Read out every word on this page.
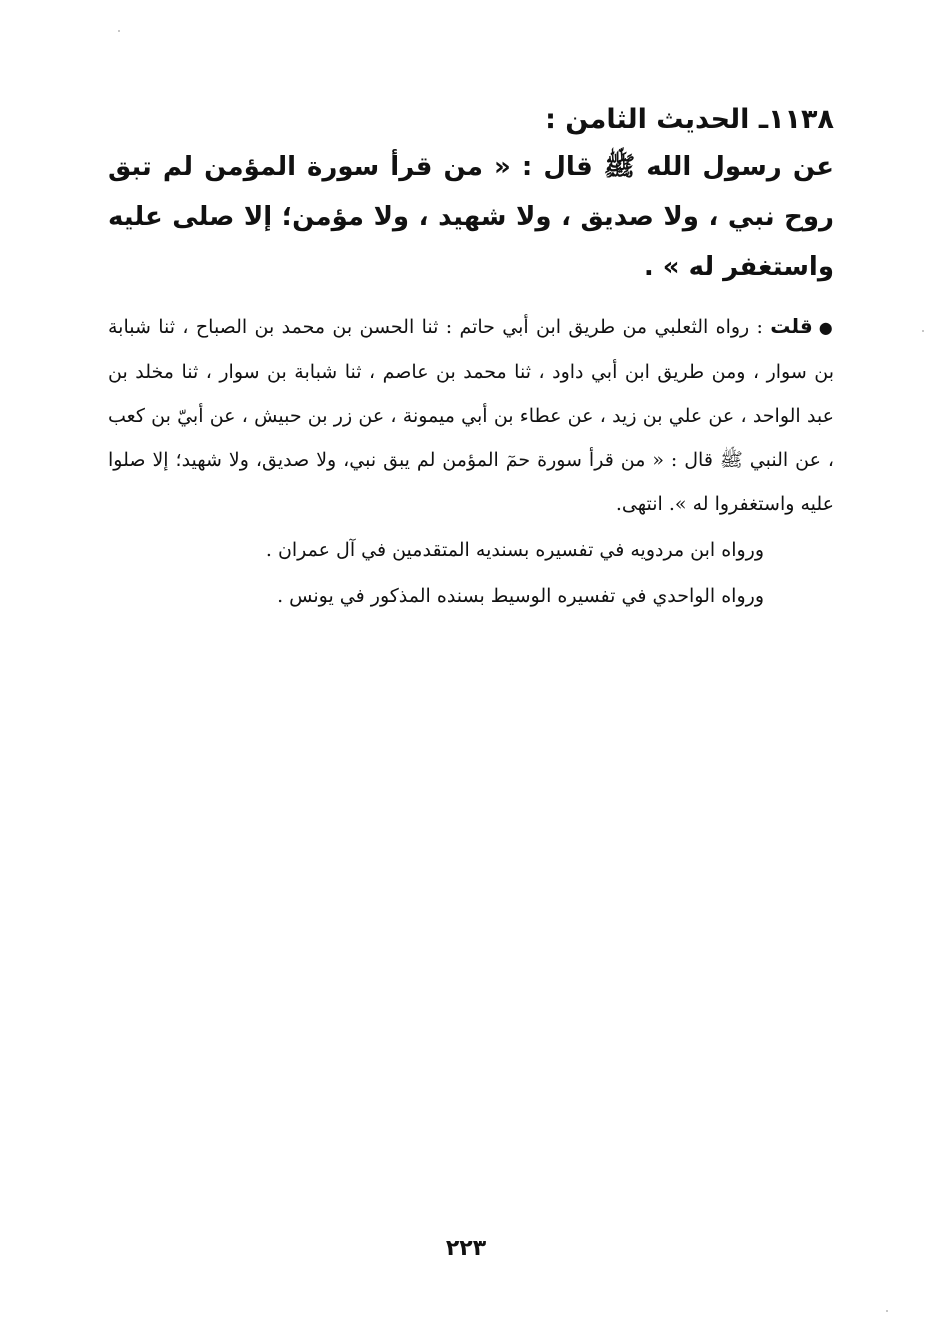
١١٣٨ـ الحديث الثامن :

عن رسول الله ﷺ قال : « من قرأ سورة المؤمن لم تبق روح نبي ، ولا صديق ، ولا شهيد ، ولا مؤمن؛ إلا صلى عليه واستغفر له » .

●قلت : رواه الثعلبي من طريق ابن أبي حاتم : ثنا الحسن بن محمد بن الصباح ، ثنا شبابة بن سوار ، ومن طريق ابن أبي داود ، ثنا محمد بن عاصم ، ثنا شبابة بن سوار ، ثنا مخلد بن عبد الواحد ، عن علي بن زيد ، عن عطاء بن أبي ميمونة ، عن زر بن حبيش ، عن أبيّ بن كعب ، عن النبي ﷺ قال : « من قرأ سورة حمٓ المؤمن لم يبق نبي، ولا صديق، ولا شهيد؛ إلا صلوا عليه واستغفروا له ». انتهى.

ورواه ابن مردويه في تفسيره بسنديه المتقدمين في آل عمران .

ورواه الواحدي في تفسيره الوسيط بسنده المذكور في يونس .

٢٢٣
